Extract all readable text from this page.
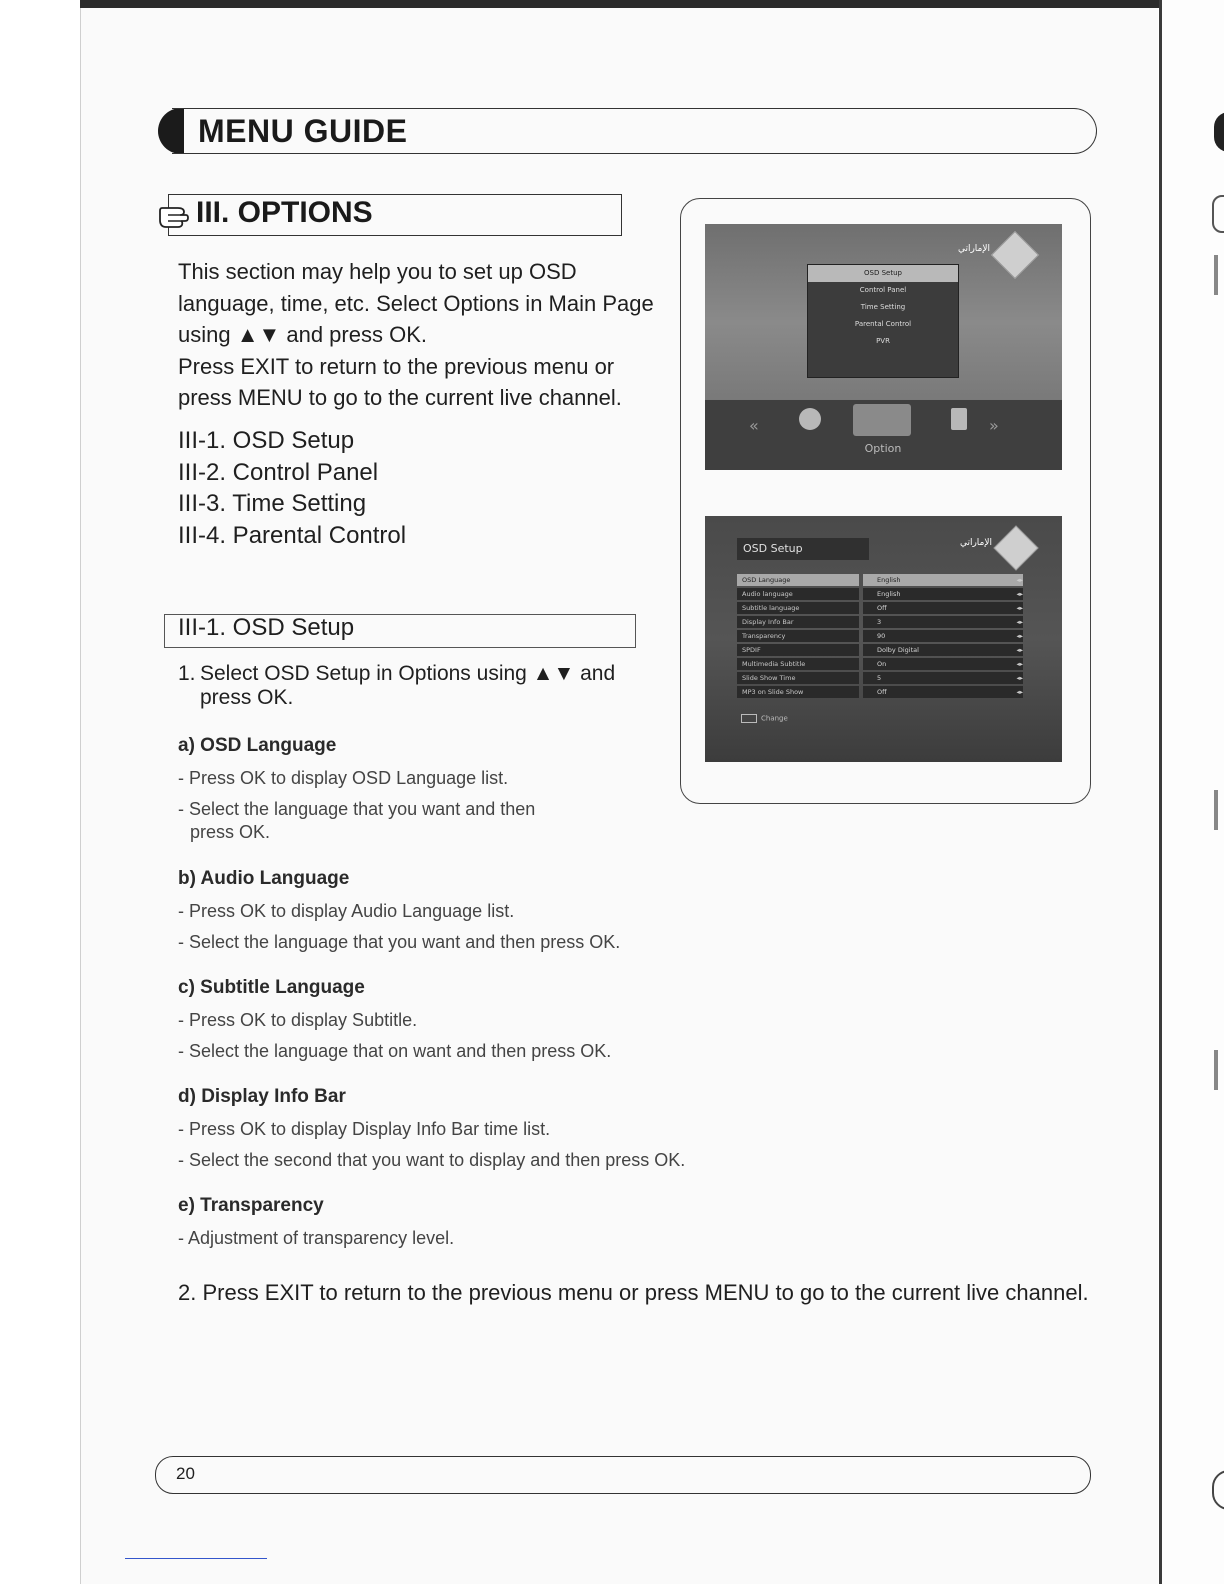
MENU GUIDE
III. OPTIONS

This section may help you to set up OSD language, time, etc. Select Options in Main Page using ▲▼ and press OK.

Press EXIT to return to the previous menu or press MENU to go to the current live channel.

III-1. OSD Setup
III-2. Control Panel
III-3. Time Setting
III-4. Parental Control
III-1. OSD Setup
1. Select OSD Setup in Options using ▲▼ and
press OK.
a) OSD Language
- Press OK to display OSD Language list.
- Select the language that you want and then
press OK.
b) Audio Language
- Press OK to display Audio Language list.
- Select the language that you want and then press OK.
c) Subtitle Language
- Press OK to display Subtitle.
- Select the language that on want and then press OK.
d) Display Info Bar
- Press OK to display Display Info Bar time list.
- Select the second that you want to display and then press OK.
e) Transparency
- Adjustment of transparency level.
2. Press EXIT to return to the previous menu or press MENU to go to the current live channel.
الإماراتي
OSD Setup
Control Panel
Time Setting
Parental Control
PVR
«	»
Option
OSD Setup	الإماراتي
OSD Language	English	◂▸
Audio language	English	◂▸
Subtitle language	Off	◂▸
Display Info Bar	3	◂▸
Transparency	90	◂▸
SPDIF	Dolby Digital	◂▸
Multimedia Subtitle	On	◂▸
Slide Show Time	5	◂▸
MP3 on Slide Show	Off	◂▸
Change
20
